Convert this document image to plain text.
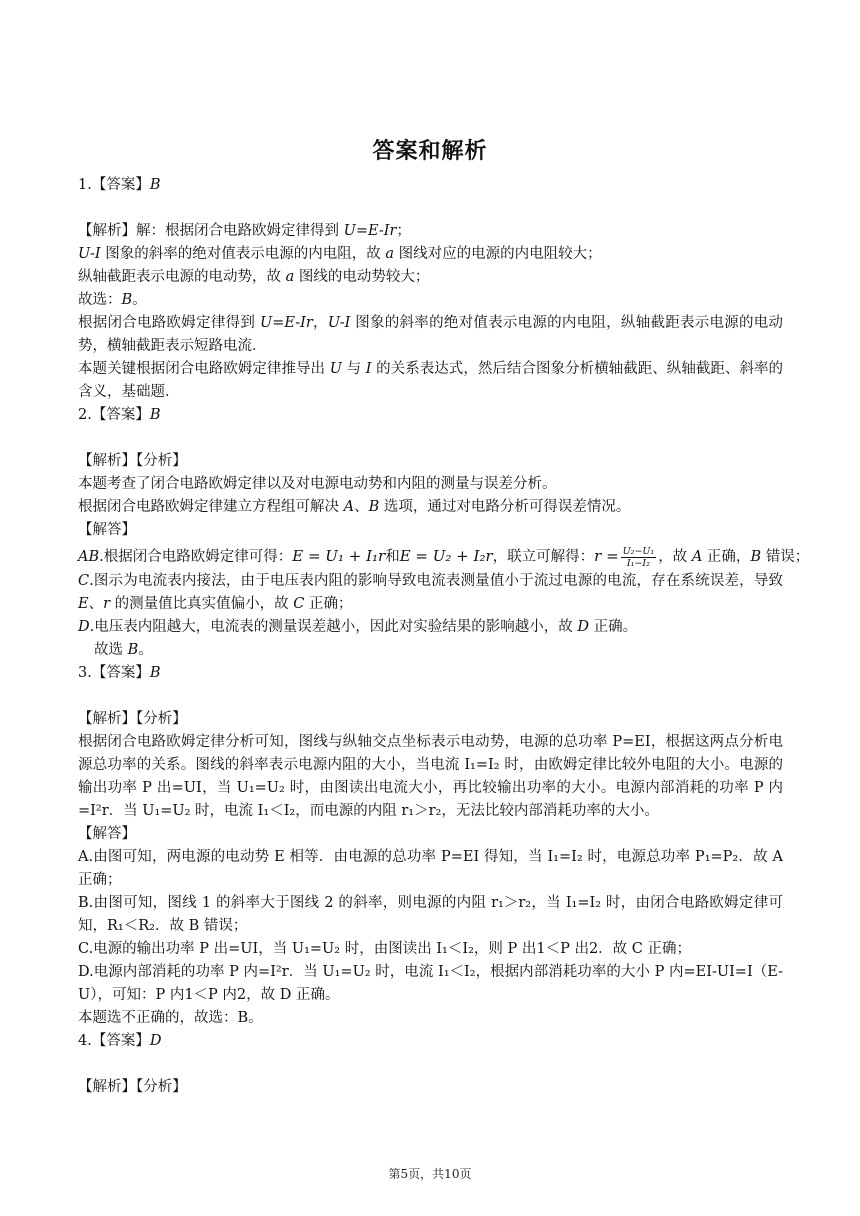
答案和解析
1.【答案】B
【解析】解：根据闭合电路欧姆定律得到 U=E-Ir；
U-I 图象的斜率的绝对值表示电源的内电阻，故 a 图线对应的电源的内电阻较大；
纵轴截距表示电源的电动势，故 a 图线的电动势较大；
故选：B。
根据闭合电路欧姆定律得到 U=E-Ir，U-I 图象的斜率的绝对值表示电源的内电阻，纵轴截距表示电源的电动势，横轴截距表示短路电流．
本题关键根据闭合电路欧姆定律推导出 U 与 I 的关系表达式，然后结合图象分析横轴截距、纵轴截距、斜率的含义，基础题．
2.【答案】B
【解析】【分析】
本题考查了闭合电路欧姆定律以及对电源电动势和内阻的测量与误差分析。
根据闭合电路欧姆定律建立方程组可解决 A、B 选项，通过对电路分析可得误差情况。
【解答】
AB.根据闭合电路欧姆定律可得：E = U₁ + I₁r和E = U₂ + I₂r，联立可解得：$r = \frac{\text{U₂−U₁}}{\text{I₁−I₂}}$ ，故 A 正确，B 错误；
C.图示为电流表内接法，由于电压表内阻的影响导致电流表测量值小于流过电源的电流，存在系统误差，导致 E、r 的测量值比真实值偏小，故 C 正确；
D.电压表内阻越大，电流表的测量误差越小，因此对实验结果的影响越小，故 D 正确。
故选 B。
3.【答案】B
【解析】【分析】
根据闭合电路欧姆定律分析可知，图线与纵轴交点坐标表示电动势，电源的总功率 P=EI，根据这两点分析电源总功率的关系。图线的斜率表示电源内阻的大小，当电流 I₁=I₂ 时，由欧姆定律比较外电阻的大小。电源的输出功率 P 出=UI，当 U₁=U₂ 时，由图读出电流大小，再比较输出功率的大小。电源内部消耗的功率 P 内=I²r．当 U₁=U₂ 时，电流 I₁＜I₂，而电源的内阻 r₁＞r₂，无法比较内部消耗功率的大小。
【解答】
A.由图可知，两电源的电动势 E 相等．由电源的总功率 P=EI 得知，当 I₁=I₂ 时，电源总功率 P₁=P₂．故 A 正确；
B.由图可知，图线 1 的斜率大于图线 2 的斜率，则电源的内阻 r₁＞r₂，当 I₁=I₂ 时，由闭合电路欧姆定律可知，R₁＜R₂．故 B 错误；
C.电源的输出功率 P 出=UI，当 U₁=U₂ 时，由图读出 I₁＜I₂，则 P 出1＜P 出2．故 C 正确；
D.电源内部消耗的功率 P 内=I²r．当 U₁=U₂ 时，电流 I₁＜I₂，根据内部消耗功率的大小 P 内=EI-UI=I（E-U），可知：P 内1＜P 内2，故 D 正确。
本题选不正确的，故选：B。
4.【答案】D
【解析】【分析】
第5页，共10页
